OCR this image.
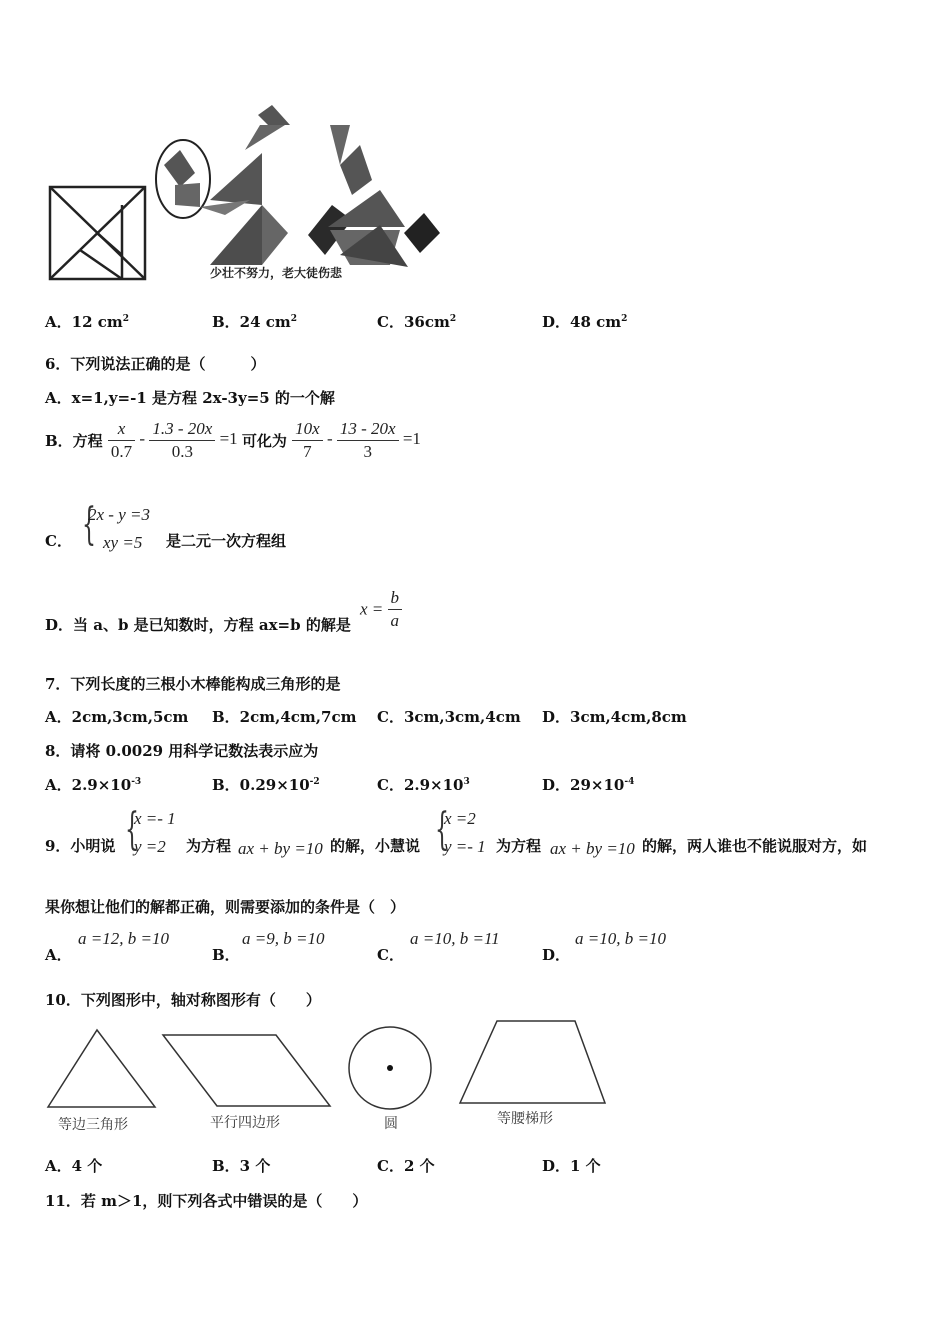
少壮不努力，老大徒伤悲
A．12 $cm^2$	B．24 $cm^2$	C．$36cm^2$	D．48 $cm^2$
6．下列说法正确的是（　　　）
A．x=1,y=-1 是方程 2x-3y=5 的一个解
B．方程 $\frac{x}{0.7} - \frac{1.3 - 20x}{0.3} =1$ 可化为 $\frac{10x}{7} - \frac{13 - 20x}{3} =1$
C． {
2x - y =3
xy =5 是二元一次方程组
D．当 a、b 是已知数时，方程 ax=b 的解是
$x = \frac{b}{a}$
7．下列长度的三根小木棒能构成三角形的是
A．2cm,3cm,5cm B．2cm,4cm,7cm C．3cm,3cm,4cm D．3cm,4cm,8cm
8．请将 0.0029 用科学记数法表示应为
A．$2.9\times 10^{-3}$	B．$0.29\times 10^{-2}$	C．$2.9\times 10^3$	D．$29\times 10^{-4}$
9．小明说 {
x =- 1
y =2 为方程 ax + by =10 的解，小慧说 {
x =2
y =- 1 为方程 ax + by =10 的解，两人谁也不能说服对方，如
果你想让他们的解都正确，则需要添加的条件是（　）
A．
a =12, b =10
B．
a =9, b =10
C．
a =10, b =11
D．
a =10, b =10
10．下列图形中，轴对称图形有（　　）
等边三角形	平行四边形	圆	等腰梯形
A．4 个	B．3 个	C．2 个	D．1 个
11．若 m＞1，则下列各式中错误的是（　　）
